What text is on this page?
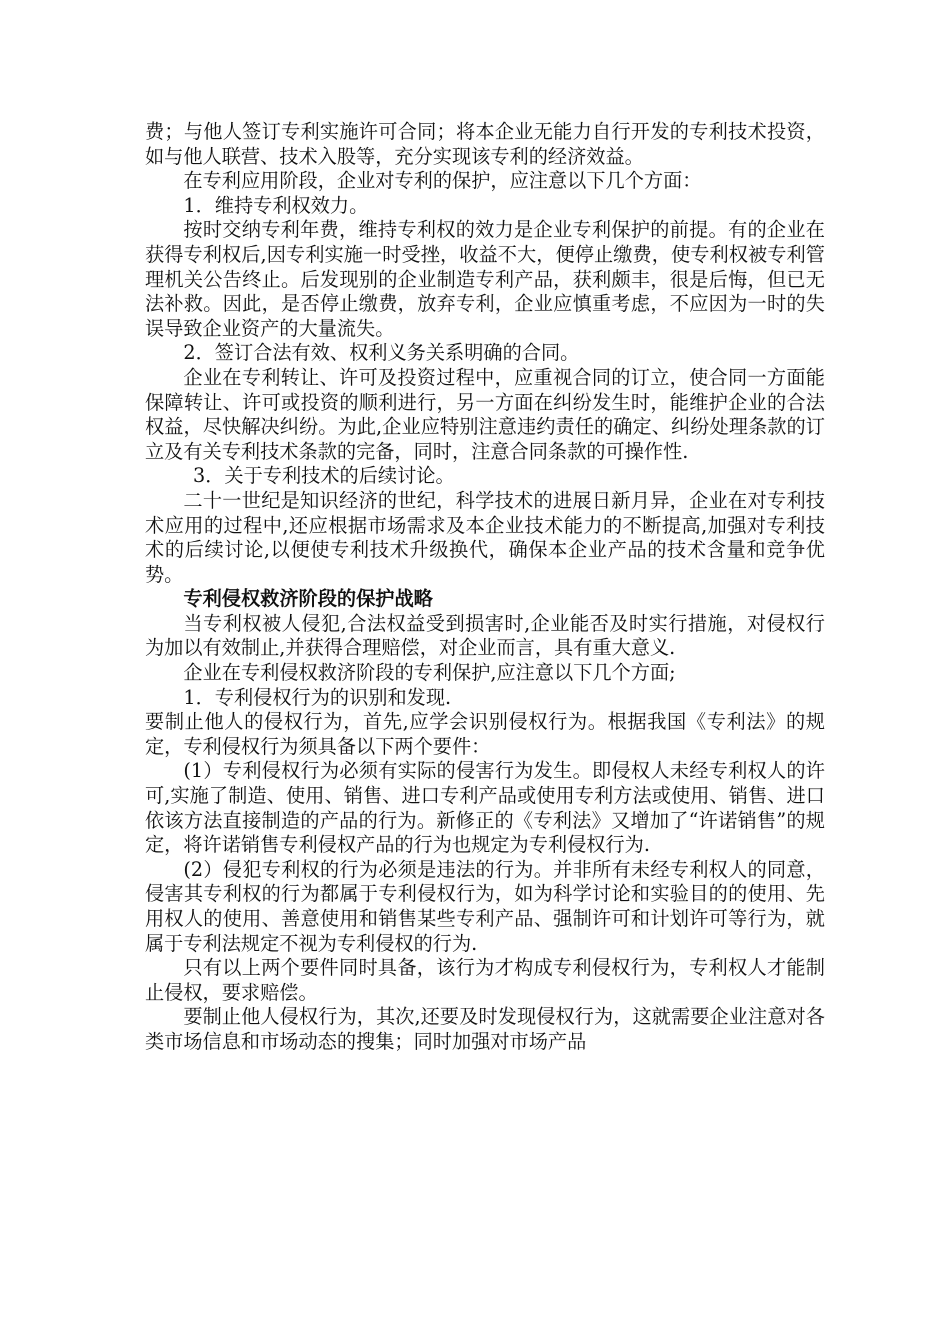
费；与他人签订专利实施许可合同；将本企业无能力自行开发的专利技术投资，如与他人联营、技术入股等，充分实现该专利的经济效益。

在专利应用阶段，企业对专利的保护，应注意以下几个方面：

1．维持专利权效力。

按时交纳专利年费，维持专利权的效力是企业专利保护的前提。有的企业在获得专利权后,因专利实施一时受挫，收益不大，便停止缴费，使专利权被专利管理机关公告终止。后发现别的企业制造专利产品，获利颇丰，很是后悔，但已无法补救。因此，是否停止缴费，放弃专利，企业应慎重考虑，不应因为一时的失误导致企业资产的大量流失。

2．签订合法有效、权利义务关系明确的合同。

企业在专利转让、许可及投资过程中，应重视合同的订立，使合同一方面能保障转让、许可或投资的顺利进行，另一方面在纠纷发生时，能维护企业的合法权益，尽快解决纠纷。为此,企业应特别注意违约责任的确定、纠纷处理条款的订立及有关专利技术条款的完备，同时，注意合同条款的可操作性.

3．关于专利技术的后续讨论。

二十一世纪是知识经济的世纪，科学技术的进展日新月异，企业在对专利技术应用的过程中,还应根据市场需求及本企业技术能力的不断提高,加强对专利技术的后续讨论,以便使专利技术升级换代，确保本企业产品的技术含量和竞争优势。

专利侵权救济阶段的保护战略

当专利权被人侵犯,合法权益受到损害时,企业能否及时实行措施，对侵权行为加以有效制止,并获得合理赔偿，对企业而言，具有重大意义.

企业在专利侵权救济阶段的专利保护,应注意以下几个方面;

1．专利侵权行为的识别和发现.

要制止他人的侵权行为，首先,应学会识别侵权行为。根据我国《专利法》的规定，专利侵权行为须具备以下两个要件：

(1）专利侵权行为必须有实际的侵害行为发生。即侵权人未经专利权人的许可,实施了制造、使用、销售、进口专利产品或使用专利方法或使用、销售、进口依该方法直接制造的产品的行为。新修正的《专利法》又增加了“许诺销售”的规定，将许诺销售专利侵权产品的行为也规定为专利侵权行为.

(2）侵犯专利权的行为必须是违法的行为。并非所有未经专利权人的同意，侵害其专利权的行为都属于专利侵权行为，如为科学讨论和实验目的的使用、先用权人的使用、善意使用和销售某些专利产品、强制许可和计划许可等行为，就属于专利法规定不视为专利侵权的行为.

只有以上两个要件同时具备，该行为才构成专利侵权行为，专利权人才能制止侵权，要求赔偿。

要制止他人侵权行为，其次,还要及时发现侵权行为，这就需要企业注意对各类市场信息和市场动态的搜集；同时加强对市场产品
